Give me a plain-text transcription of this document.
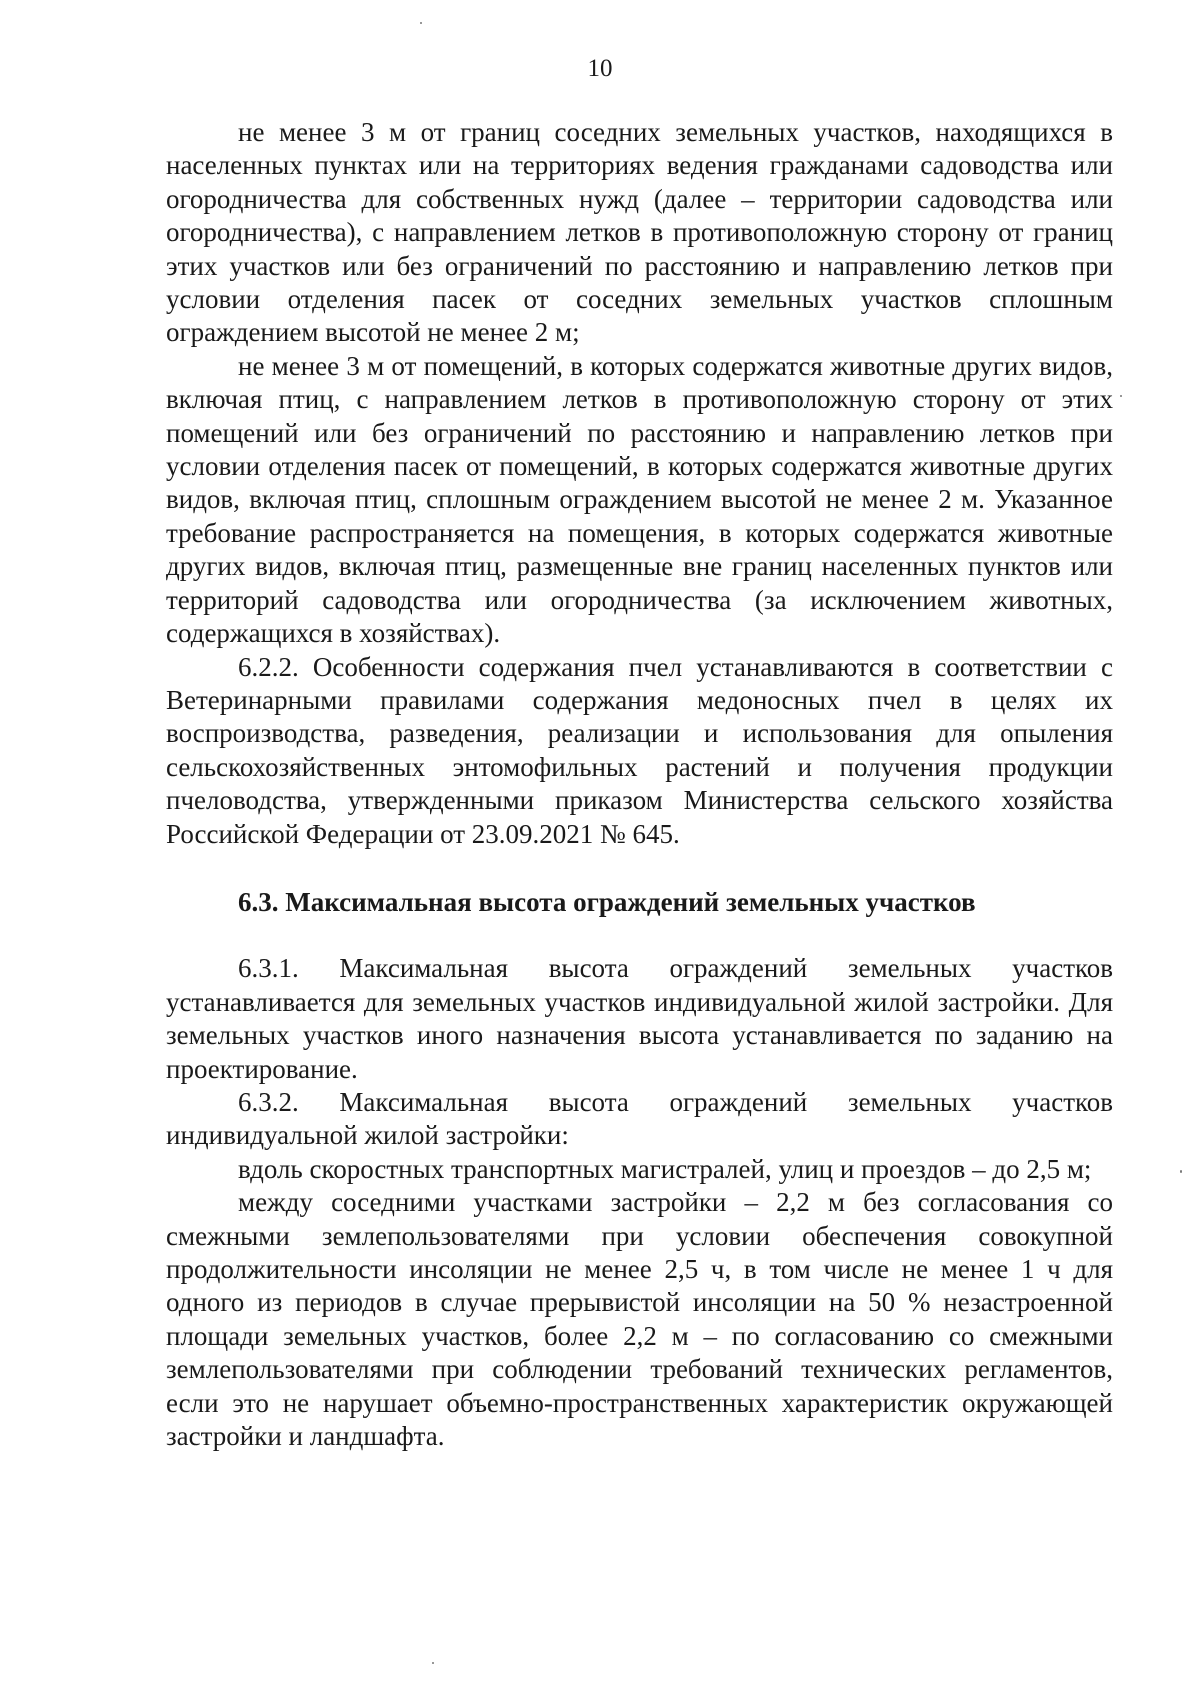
10

не менее 3 м от границ соседних земельных участков, находящихся в населенных пунктах или на территориях ведения гражданами садоводства или огородничества для собственных нужд (далее – территории садоводства или огородничества), с направлением летков в противоположную сторону от границ этих участков или без ограничений по расстоянию и направлению летков при условии отделения пасек от соседних земельных участков сплошным ограждением высотой не менее 2 м;

не менее 3 м от помещений, в которых содержатся животные других видов, включая птиц, с направлением летков в противоположную сторону от этих помещений или без ограничений по расстоянию и направлению летков при условии отделения пасек от помещений, в которых содержатся животные других видов, включая птиц, сплошным ограждением высотой не менее 2 м. Указанное требование распространяется на помещения, в которых содержатся животные других видов, включая птиц, размещенные вне границ населенных пунктов или территорий садоводства или огородничества (за исключением животных, содержащихся в хозяйствах).

6.2.2. Особенности содержания пчел устанавливаются в соответствии с Ветеринарными правилами содержания медоносных пчел в целях их воспроизводства, разведения, реализации и использования для опыления сельскохозяйственных энтомофильных растений и получения продукции пчеловодства, утвержденными приказом Министерства сельского хозяйства Российской Федерации от 23.09.2021 № 645.

6.3. Максимальная высота ограждений земельных участков

6.3.1. Максимальная высота ограждений земельных участков устанавливается для земельных участков индивидуальной жилой застройки. Для земельных участков иного назначения высота устанавливается по заданию на проектирование.

6.3.2. Максимальная высота ограждений земельных участков индивидуальной жилой застройки:

вдоль скоростных транспортных магистралей, улиц и проездов – до 2,5 м;

между соседними участками застройки – 2,2 м без согласования со смежными землепользователями при условии обеспечения совокупной продолжительности инсоляции не менее 2,5 ч, в том числе не менее 1 ч для одного из периодов в случае прерывистой инсоляции на 50 % незастроенной площади земельных участков, более 2,2 м – по согласованию со смежными землепользователями при соблюдении требований технических регламентов, если это не нарушает объемно-пространственных характеристик окружающей застройки и ландшафта.
